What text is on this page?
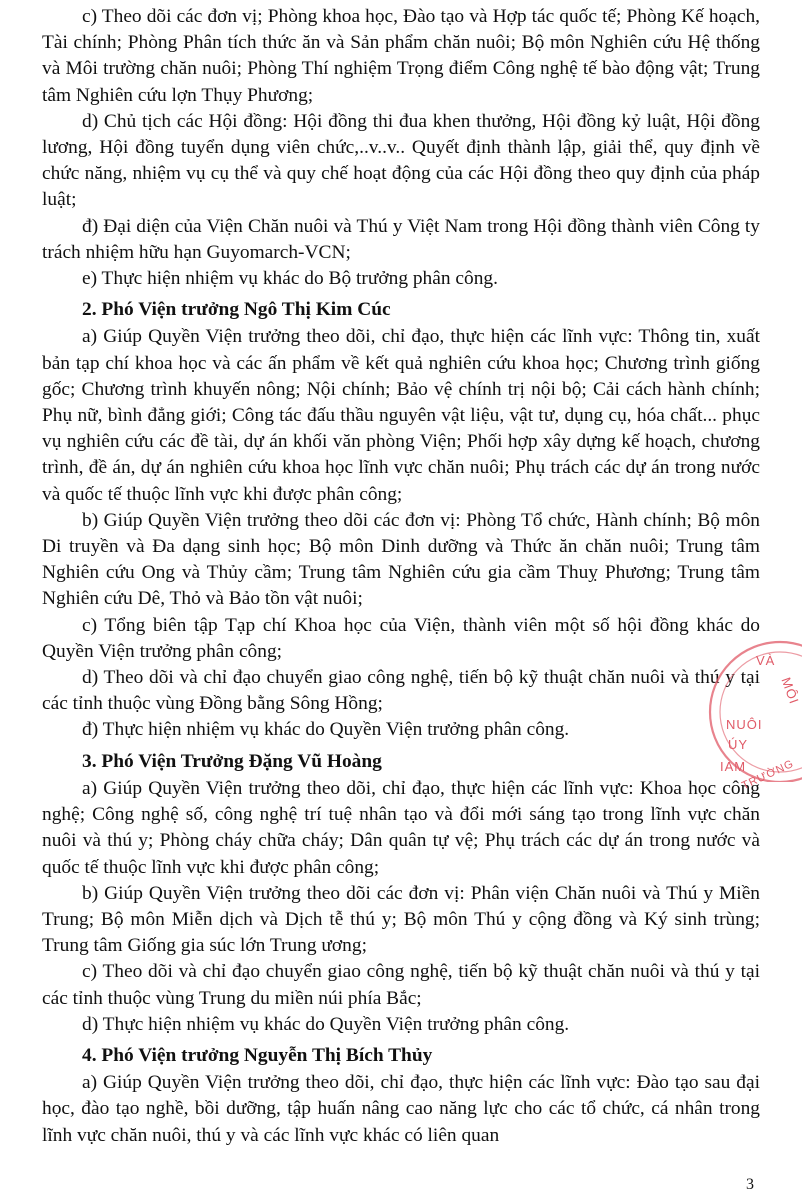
c) Theo dõi các đơn vị; Phòng khoa học, Đào tạo và Hợp tác quốc tế; Phòng Kế hoạch, Tài chính; Phòng Phân tích thức ăn và Sản phẩm chăn nuôi; Bộ môn Nghiên cứu Hệ thống và Môi trường chăn nuôi; Phòng Thí nghiệm Trọng điểm Công nghệ tế bào động vật; Trung tâm Nghiên cứu lợn Thụy Phương;

d) Chủ tịch các Hội đồng: Hội đồng thi đua khen thưởng, Hội đồng kỷ luật, Hội đồng lương, Hội đồng tuyển dụng viên chức,..v..v.. Quyết định thành lập, giải thể, quy định về chức năng, nhiệm vụ cụ thể và quy chế hoạt động của các Hội đồng theo quy định của pháp luật;

đ) Đại diện của Viện Chăn nuôi và Thú y Việt Nam trong Hội đồng thành viên Công ty trách nhiệm hữu hạn Guyomarch-VCN;

e) Thực hiện nhiệm vụ khác do Bộ trưởng phân công.

2. Phó Viện trưởng Ngô Thị Kim Cúc

a) Giúp Quyền Viện trưởng theo dõi, chỉ đạo, thực hiện các lĩnh vực: Thông tin, xuất bản tạp chí khoa học và các ấn phẩm về kết quả nghiên cứu khoa học; Chương trình giống gốc; Chương trình khuyến nông; Nội chính; Bảo vệ chính trị nội bộ; Cải cách hành chính; Phụ nữ, bình đẳng giới; Công tác đấu thầu nguyên vật liệu, vật tư, dụng cụ, hóa chất... phục vụ nghiên cứu các đề tài, dự án khối văn phòng Viện; Phối hợp xây dựng kế hoạch, chương trình, đề án, dự án nghiên cứu khoa học lĩnh vực chăn nuôi; Phụ trách các dự án trong nước và quốc tế thuộc lĩnh vực khi được phân công;

b) Giúp Quyền Viện trưởng theo dõi các đơn vị: Phòng Tổ chức, Hành chính; Bộ môn Di truyền và Đa dạng sinh học; Bộ môn Dinh dưỡng và Thức ăn chăn nuôi; Trung tâm Nghiên cứu Ong và Thủy cầm; Trung tâm Nghiên cứu gia cầm Thuỵ Phương; Trung tâm Nghiên cứu Dê, Thỏ và Bảo tồn vật nuôi;

c) Tổng biên tập Tạp chí Khoa học của Viện, thành viên một số hội đồng khác do Quyền Viện trưởng phân công;

d) Theo dõi và chỉ đạo chuyển giao công nghệ, tiến bộ kỹ thuật chăn nuôi và thú y tại các tỉnh thuộc vùng Đồng bằng Sông Hồng;

đ) Thực hiện nhiệm vụ khác do Quyền Viện trưởng phân công.

3. Phó Viện Trưởng Đặng Vũ Hoàng

a) Giúp Quyền Viện trưởng theo dõi, chỉ đạo, thực hiện các lĩnh vực: Khoa học công nghệ; Công nghệ số, công nghệ trí tuệ nhân tạo và đổi mới sáng tạo trong lĩnh vực chăn nuôi và thú y; Phòng cháy chữa cháy; Dân quân tự vệ; Phụ trách các dự án trong nước và quốc tế thuộc lĩnh vực khi được phân công;

b) Giúp Quyền Viện trưởng theo dõi các đơn vị: Phân viện Chăn nuôi và Thú y Miền Trung; Bộ môn Miễn dịch và Dịch tễ thú y; Bộ môn Thú y cộng đồng và Ký sinh trùng; Trung tâm Giống gia súc lớn Trung ương;

c) Theo dõi và chỉ đạo chuyển giao công nghệ, tiến bộ kỹ thuật chăn nuôi và thú y tại các tỉnh thuộc vùng Trung du miền núi phía Bắc;

d) Thực hiện nhiệm vụ khác do Quyền Viện trưởng phân công.

4. Phó Viện trưởng Nguyễn Thị Bích Thủy

a) Giúp Quyền Viện trưởng theo dõi, chỉ đạo, thực hiện các lĩnh vực: Đào tạo sau đại học, đào tạo nghề, bồi dưỡng, tập huấn nâng cao năng lực cho các tổ chức, cá nhân trong lĩnh vực chăn nuôi, thú y và các lĩnh vực khác có liên quan

VÀ
MÔI
NUÔI
ÚY
IAM
TRƯỜNG
3
